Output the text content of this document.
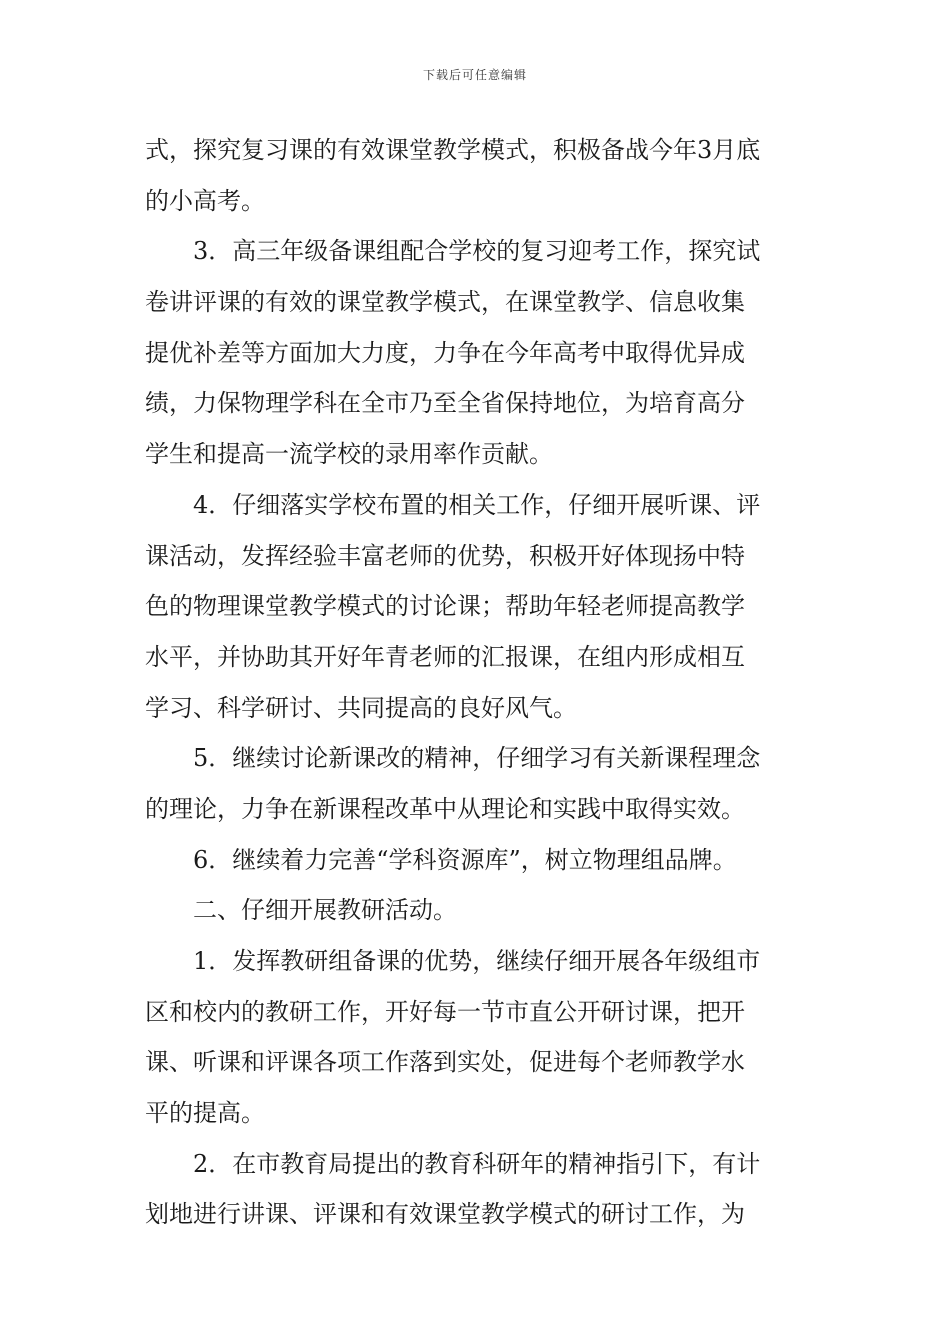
下载后可任意编辑
式，探究复习课的有效课堂教学模式，积极备战今年3月底
的小高考。
3．高三年级备课组配合学校的复习迎考工作，探究试
卷讲评课的有效的课堂教学模式，在课堂教学、信息收集
提优补差等方面加大力度，力争在今年高考中取得优异成
绩，力保物理学科在全市乃至全省保持地位，为培育高分
学生和提高一流学校的录用率作贡献。
4．仔细落实学校布置的相关工作，仔细开展听课、评
课活动，发挥经验丰富老师的优势，积极开好体现扬中特
色的物理课堂教学模式的讨论课；帮助年轻老师提高教学
水平，并协助其开好年青老师的汇报课，在组内形成相互
学习、科学研讨、共同提高的良好风气。
5．继续讨论新课改的精神，仔细学习有关新课程理念
的理论，力争在新课程改革中从理论和实践中取得实效。
6．继续着力完善“学科资源库”，树立物理组品牌。
二、仔细开展教研活动。
1．发挥教研组备课的优势，继续仔细开展各年级组市
区和校内的教研工作，开好每一节市直公开研讨课，把开
课、听课和评课各项工作落到实处，促进每个老师教学水
平的提高。
2．在市教育局提出的教育科研年的精神指引下，有计
划地进行讲课、评课和有效课堂教学模式的研讨工作，为
